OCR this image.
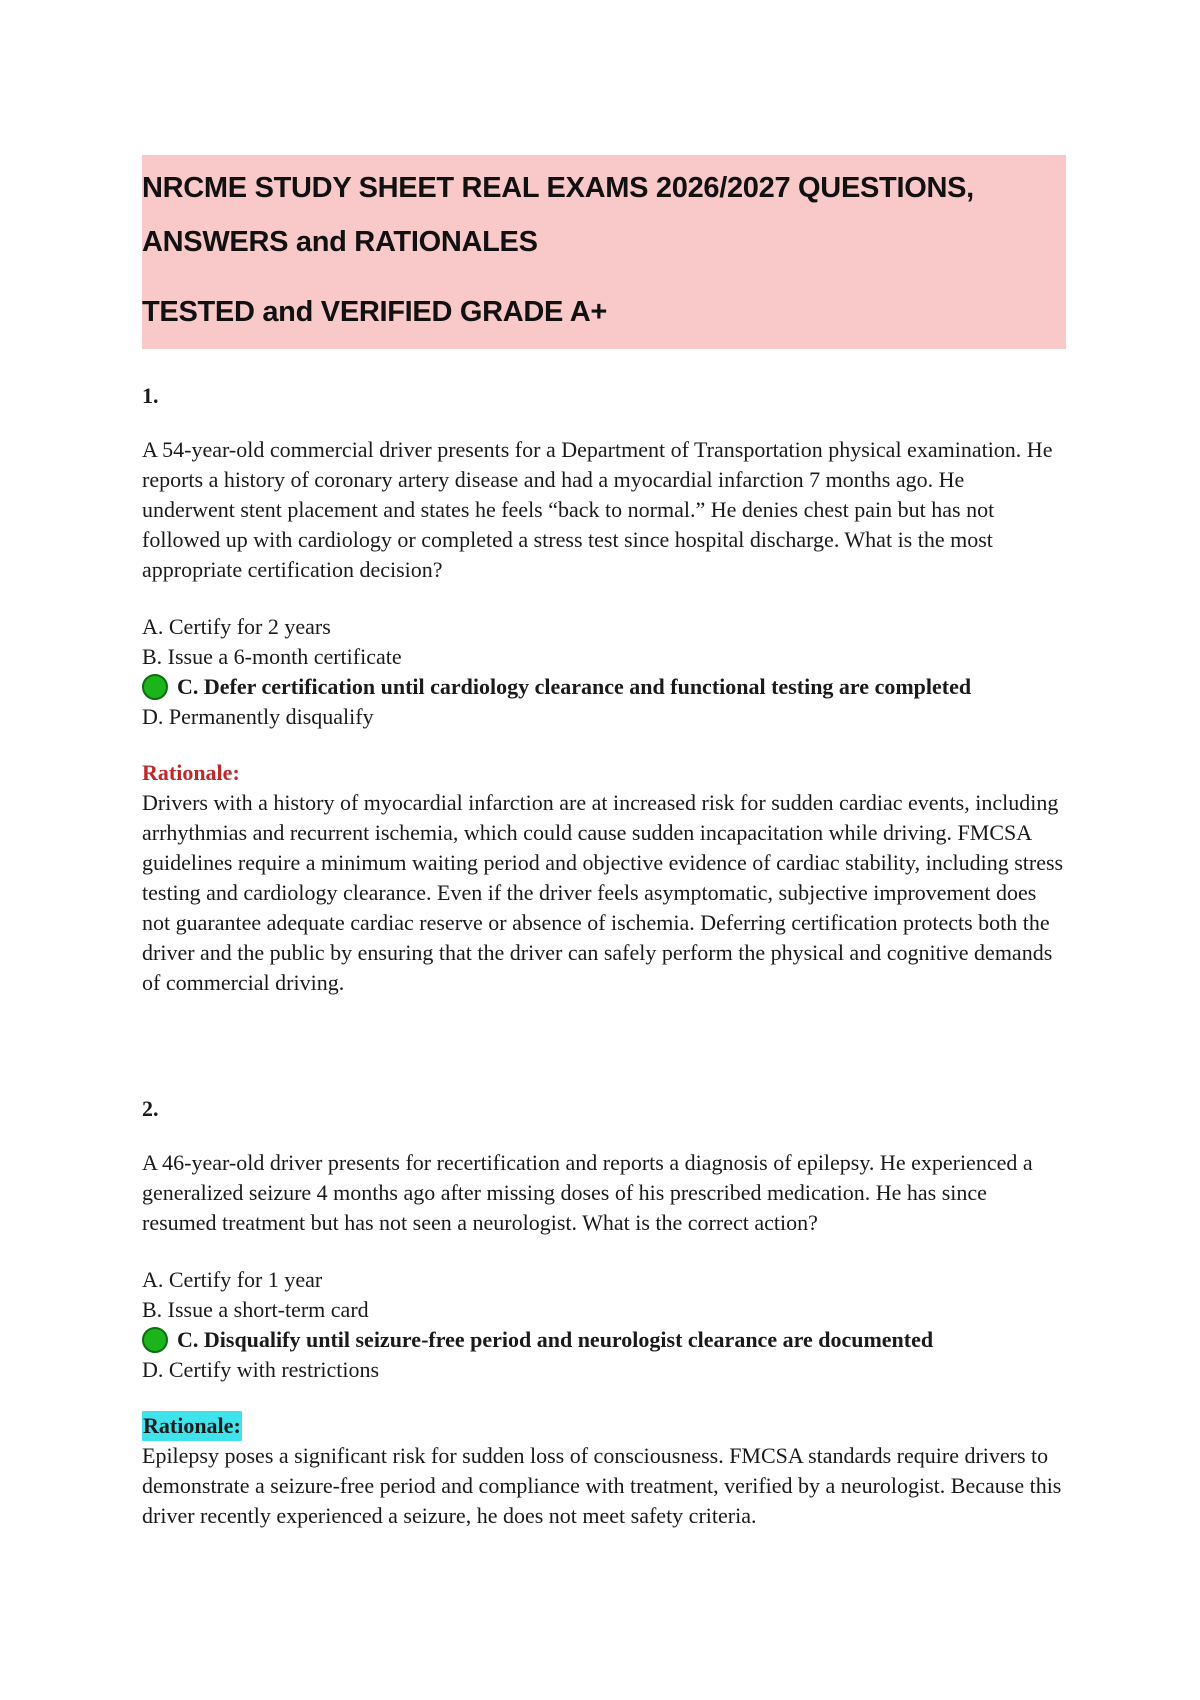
NRCME STUDY SHEET REAL EXAMS 2026/2027 QUESTIONS,
ANSWERS and RATIONALES
TESTED and VERIFIED GRADE A+

1.

A 54-year-old commercial driver presents for a Department of Transportation physical examination. He reports a history of coronary artery disease and had a myocardial infarction 7 months ago. He underwent stent placement and states he feels “back to normal.” He denies chest pain but has not followed up with cardiology or completed a stress test since hospital discharge. What is the most appropriate certification decision?

A. Certify for 2 years
B. Issue a 6-month certificate
C. Defer certification until cardiology clearance and functional testing are completed
D. Permanently disqualify
Rationale:

Drivers with a history of myocardial infarction are at increased risk for sudden cardiac events, including arrhythmias and recurrent ischemia, which could cause sudden incapacitation while driving. FMCSA guidelines require a minimum waiting period and objective evidence of cardiac stability, including stress testing and cardiology clearance. Even if the driver feels asymptomatic, subjective improvement does not guarantee adequate cardiac reserve or absence of ischemia. Deferring certification protects both the driver and the public by ensuring that the driver can safely perform the physical and cognitive demands of commercial driving.

2.

A 46-year-old driver presents for recertification and reports a diagnosis of epilepsy. He experienced a generalized seizure 4 months ago after missing doses of his prescribed medication. He has since resumed treatment but has not seen a neurologist. What is the correct action?

A. Certify for 1 year
B. Issue a short-term card
C. Disqualify until seizure-free period and neurologist clearance are documented
D. Certify with restrictions
Rationale:

Epilepsy poses a significant risk for sudden loss of consciousness. FMCSA standards require drivers to demonstrate a seizure-free period and compliance with treatment, verified by a neurologist. Because this driver recently experienced a seizure, he does not meet safety criteria.
